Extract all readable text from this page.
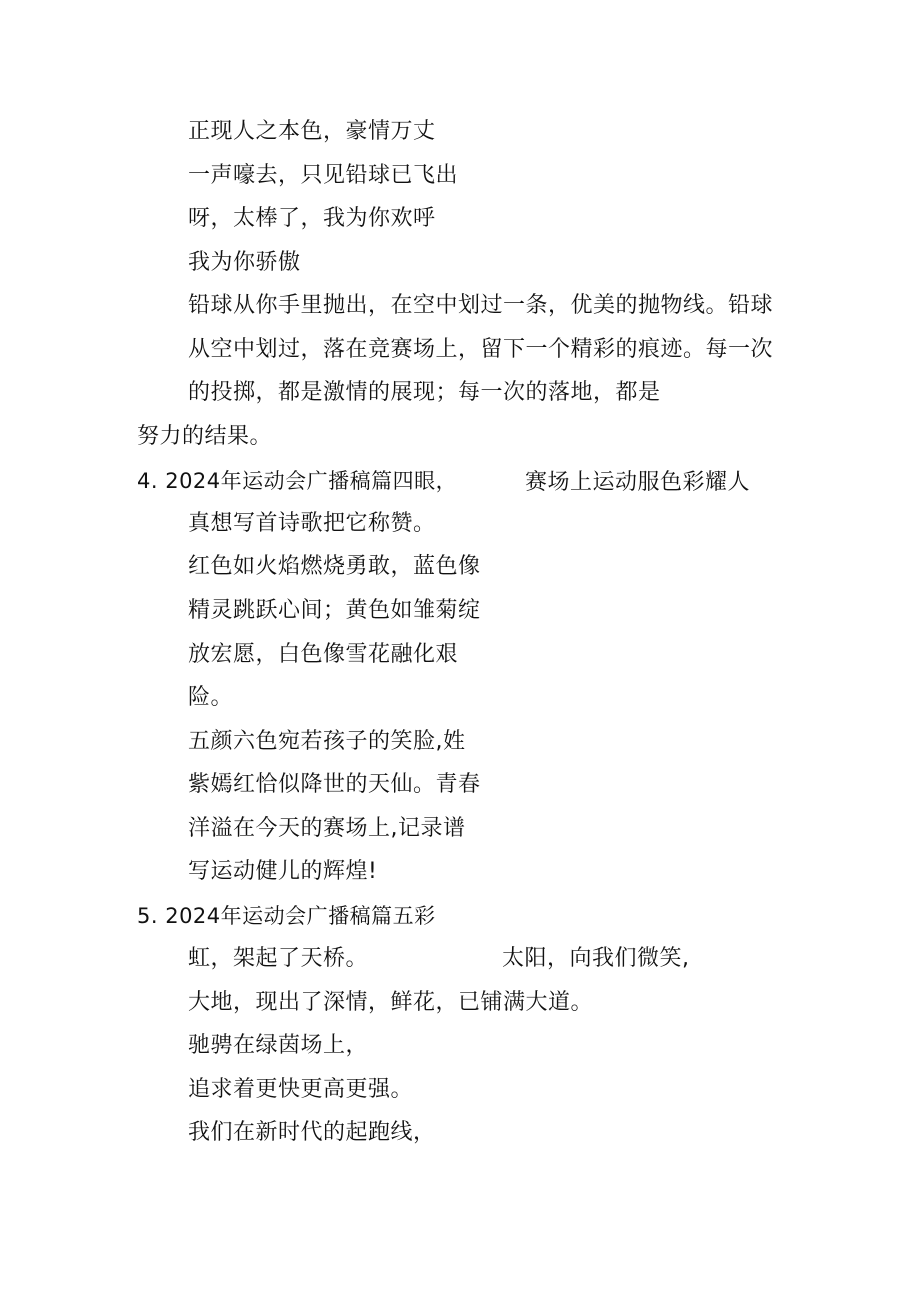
正现人之本色，豪情万丈
一声嚎去，只见铅球已飞出
呀，太棒了，我为你欢呼
我为你骄傲
铅球从你手里抛出，在空中划过一条，优美的抛物线。铅球
从空中划过，落在竞赛场上，留下一个精彩的痕迹。每一次
的投掷，都是激情的展现；每一次的落地，都是
努力的结果。
4. 2024年运动会广播稿篇四眼，	赛场上运动服色彩耀人
真想写首诗歌把它称赞。
红色如火焰燃烧勇敢，蓝色像
精灵跳跃心间；黄色如雏菊绽
放宏愿，白色像雪花融化艰
险。
五颜六色宛若孩子的笑脸,姓
紫嫣红恰似降世的天仙。青春
洋溢在今天的赛场上,记录谱
写运动健儿的辉煌!
5. 2024年运动会广播稿篇五彩
虹，架起了天桥。	太阳，向我们微笑,
大地，现出了深情，鲜花，已铺满大道。
驰骋在绿茵场上，
追求着更快更高更强。
我们在新时代的起跑线，
